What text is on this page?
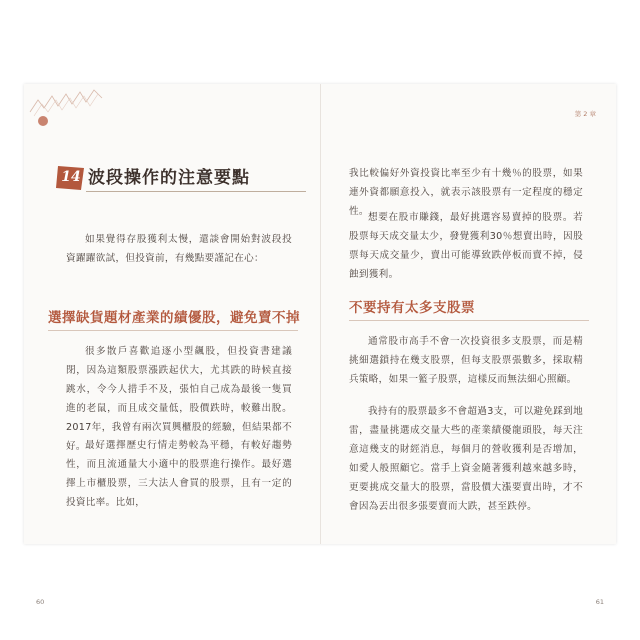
14 波段操作的注意要點
如果覺得存股獲利太慢，還談會開始對波段投資躍躍欲試，但投資前，有幾點要謹記在心：
選擇缺貨題材產業的績優股，避免賣不掉
很多散戶喜歡追逐小型飆股，但投資書建議閉，因為這類股票漲跌起伏大，尤其跌的時候直接跳水，令今人措手不及，張怕自己成為最後一隻買進的老鼠，而且成交量低，股價跌時，較難出脫。2017年，我曾有兩次買興櫃股的經驗，但結果都不好。 最好選擇歷史行情走勢較為平穩，有較好趨勢性，而且流通量大小適中的股票進行操作。最好選擇上市櫃股票，三大法人會買的股票，且有一定的投資比率。比如，
60
第 2 章
我比較偏好外資投資比率至少有十幾％的股票，如果連外資都願意投入，就表示該股票有一定程度的穩定性。
想要在股市賺錢，最好挑選容易賣掉的股票。若股票每天成交量太少，發覺獲利30％想賣出時，因股票每天成交量少，賣出可能導致跌停板而賣不掉，侵蝕到獲利。
不要持有太多支股票
通常股市高手不會一次投資很多支股票，而是精挑細選鎖持在幾支股票，但每支股票張數多，採取精兵策略，如果一籃子股票，這樣反而無法細心照顧。
我持有的股票最多不會超過3支，可以避免踩到地雷，盡量挑選成交量大些的產業績優龍頭股，每天注意這幾支的財經消息，每個月的營收獲利是否增加，如愛人般照顧它。當手上資金隨著獲利越來越多時，更要挑成交量大的股票，當股價大漲要賣出時，才不會因為丟出很多張要賣而大跌，甚至跌停。
61
